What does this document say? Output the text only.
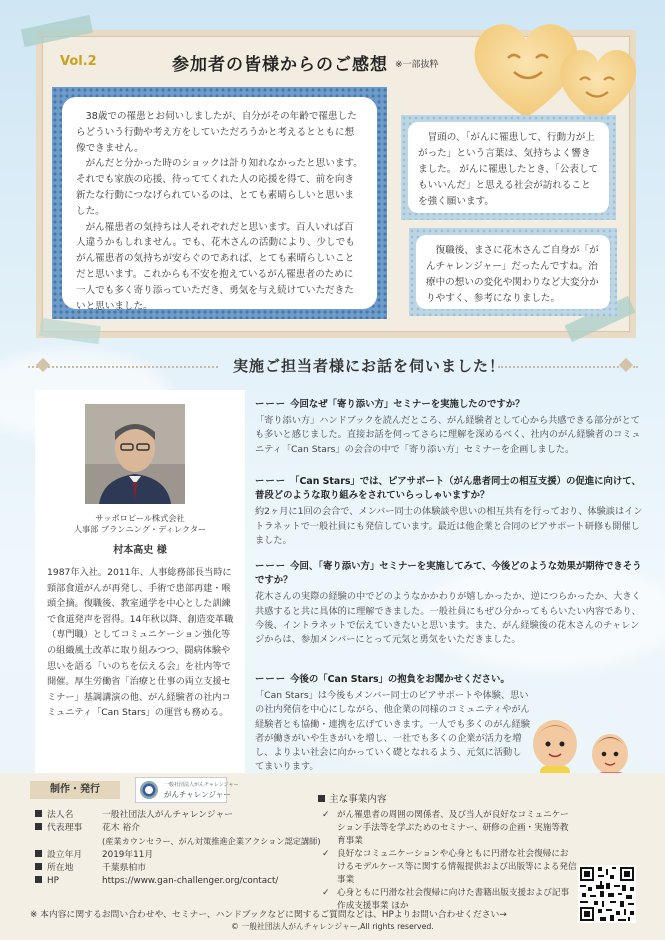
Vol.2	参加者の皆様からのご感想 ※一部抜粋

38歳での罹患とお伺いしましたが、自分がその年齢で罹患したらどういう行動や考え方をしていただろうかと考えるとともに想像できません。

がんだと分かった時のショックは計り知れなかったと思います。それでも家族の応援、待っててくれた人の応援を得て、前を向き新たな行動につなげられているのは、とても素晴らしいと思いました。

がん罹患者の気持ちは人それぞれだと思います。百人いれば百人違うかもしれません。でも、花木さんの活動により、少しでもがん罹患者の気持ちが安らぐのであれば、とても素晴らしいことだと思います。これからも不安を抱えているがん罹患者のために一人でも多く寄り添っていただき、勇気を与え続けていただきたいと思いました。

冒頭の、「がんに罹患して、行動力が上がった」という言葉は、気持ちよく響きました。 がんに罹患したとき、「公表してもいいんだ」と思える社会が訪れることを強く願います。

復職後、まさに花木さんご自身が「がんチャレンジャー」だったんですね。治療中の想いの変化や関わりなど大変分かりやすく、参考になりました。

実施ご担当者様にお話を伺いました！
サッポロビール株式会社
人事部 プランニング・ディレクター
村本高史 様

1987年入社。2011年、人事総務部長当時に頸部食道がんが再発し、手術で患部再建・喉頭全摘。復職後、教室通学を中心とした訓練で食道発声を習得。14年秋以降、創造変革職（専門職）としてコミュニケーション強化等の組織風土改革に取り組みつつ、闘病体験や思いを語る「いのちを伝える会」を社内等で開催。厚生労働省「治療と仕事の両立支援セミナー」基調講演の他、がん経験者の社内コミュニティ「Can Stars」の運営も務める。

ーーー 今回なぜ「寄り添い方」セミナーを実施したのですか？
「寄り添い方」ハンドブックを読んだところ、がん経験者として心から共感できる部分がとても多いと感じました。直接お話を伺ってさらに理解を深めるべく、社内のがん経験者のコミュニティ「Can Stars」の会合の中で「寄り添い方」セミナーを企画しました。
ーーー 「Can Stars」では、ピアサポート（がん患者同士の相互支援）の促進に向けて、普段どのような取り組みをされていらっしゃいますか？
約2ヶ月に1回の会合で、メンバー同士の体験談や思いの相互共有を行っており、体験談はイントラネットで一般社員にも発信しています。最近は他企業と合同のピアサポート研修も開催しました。
ーーー 今回、「寄り添い方」セミナーを実施してみて、今後どのような効果が期待できそうですか？
花木さんの実際の経験の中でどのようなかかわりが嬉しかったか、逆につらかったか、大きく共感すると共に具体的に理解できました。一般社員にもぜひ分かってもらいたい内容であり、今後、イントラネットで伝えていきたいと思います。また、がん経験後の花木さんのチャレンジからは、参加メンバーにとって元気と勇気をいただきました。
ーーー 今後の「Can Stars」の抱負をお聞かせください。
「Can Stars」は今後もメンバー同士のピアサポートや体験、思いの社内発信を中心にしながら、他企業の同様のコミュニティやがん経験者とも協働・連携を広げていきます。一人でも多くのがん経験者が働きがいや生きがいを増し、一社でも多くの企業が活力を増し、よりよい社会に向かっていく礎となれるよう、元気に活動してまいります。
制作・発行	一般社団法人がんチャレンジャー
がんチャレンジャー
法人名	一般社団法人がんチャレンジャー
代表理事 花木 裕介
(産業カウンセラー、がん対策推進企業アクション認定講師)
設立年月 2019年11月
所在地	千葉県柏市
HP	https://www.gan-challenger.org/contact/
主な事業内容
✓ がん罹患者の周囲の関係者、及び当人が良好なコミュニケーション手法等を学ぶためのセミナー、研修の企画・実施等教育事業
✓ 良好なコミュニケーションや心身ともに円滑な社会復帰におけるモデルケース等に関する情報提供および出版等による発信事業
✓ 心身ともに円滑な社会復帰に向けた書籍出版支援および記事作成支援事業 ほか
※ 本内容に関するお問い合わせや、セミナー、ハンドブックなどに関するご質問などは、HPよりお問い合わせください→
© 一般社団法人がんチャレンジャー,All rights reserved.
